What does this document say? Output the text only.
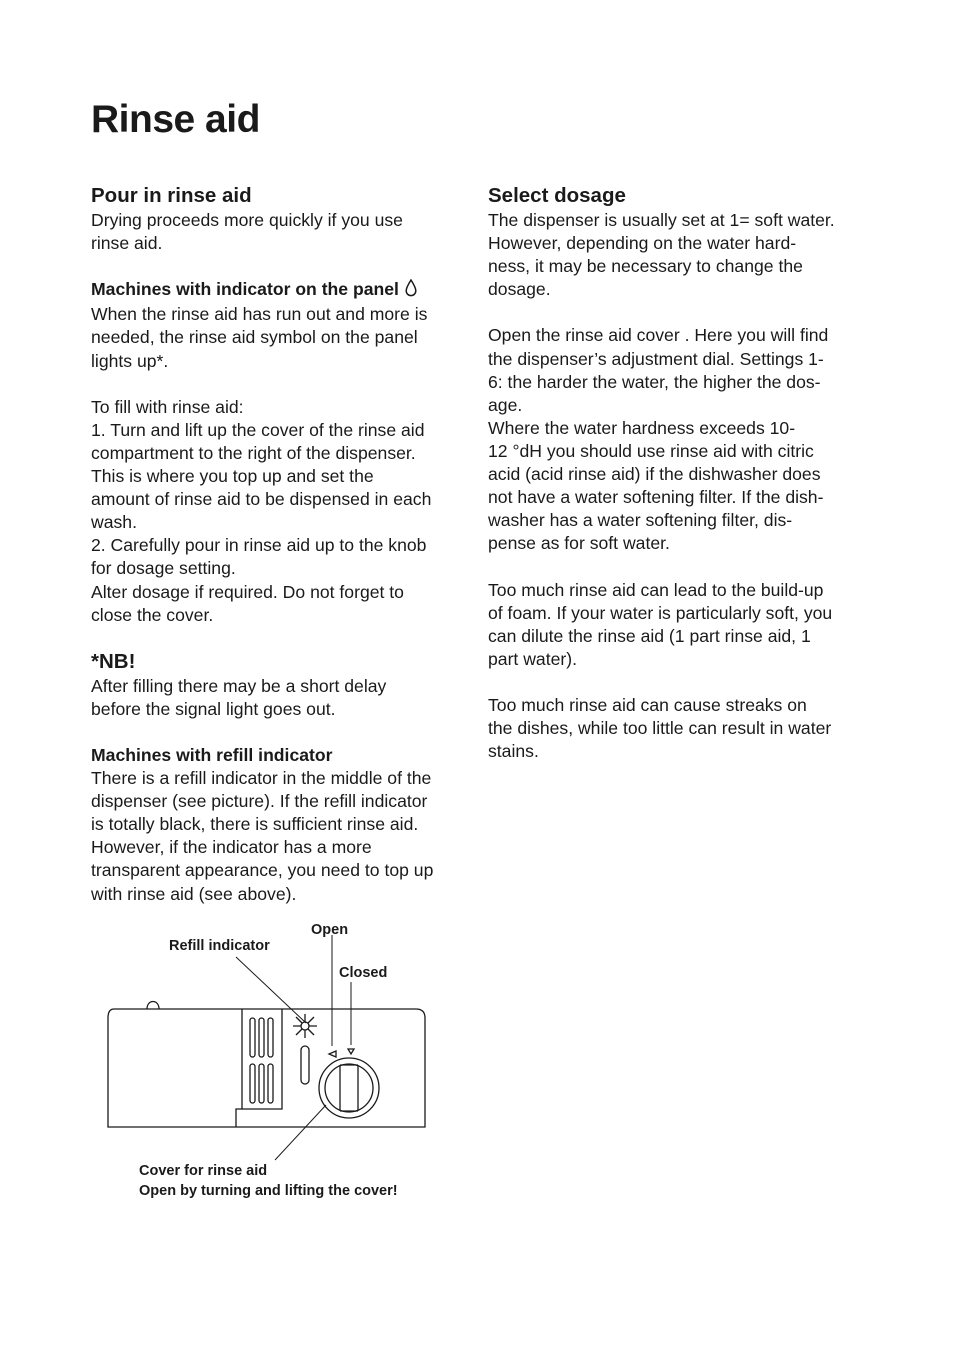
Rinse aid
Pour in rinse aid

Drying proceeds more quickly if you use
rinse aid.

Machines with indicator on the panel

When the rinse aid has run out and more is
needed, the rinse aid symbol on the panel
lights up*.

To fill with rinse aid:
1. Turn and lift up the cover of the rinse aid
compartment to the right of the dispenser.
This is where you top up and set the
amount of rinse aid to be dispensed in each
wash.
2. Carefully pour in rinse aid up to the knob
for dosage setting.
Alter dosage if required. Do not forget to
close the cover.

*NB!

After filling there may be a short delay
before the signal light goes out.

Machines with refill indicator

There is a refill indicator in the middle of the
dispenser (see picture). If the refill indicator
is totally black, there is sufficient rinse aid.
However, if the indicator has a more
transparent appearance, you need to top up
with rinse aid (see above).

Select dosage

The dispenser is usually set at 1= soft water.
However, depending on the water hard-
ness, it may be necessary to change the
dosage.

Open the rinse aid cover . Here you will find
the dispenser’s adjustment dial. Settings 1-
6: the harder the water, the higher the dos-
age.
Where the water hardness exceeds 10-
12 °dH you should use rinse aid with citric
acid (acid rinse aid) if the dishwasher does
not have a water softening filter. If the dish-
washer has a water softening filter, dis-
pense as for soft water.

Too much rinse aid can lead to the build-up
of foam. If your water is particularly soft, you
can dilute the rinse aid (1 part rinse aid, 1
part water).

Too much rinse aid can cause streaks on
the dishes, while too little can result in water
stains.

Open
Refill indicator
Closed
Cover for rinse aid
Open by turning and lifting the cover!
